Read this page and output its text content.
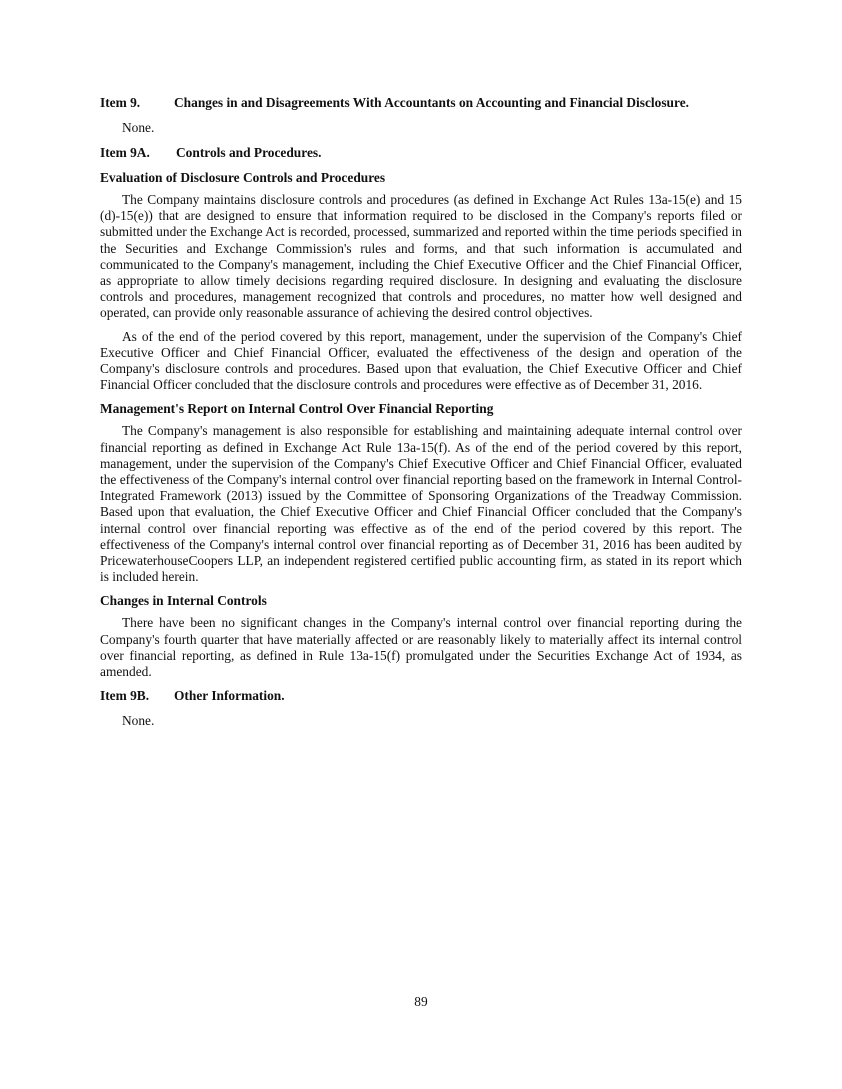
Item 9.	Changes in and Disagreements With Accountants on Accounting and Financial Disclosure.
None.
Item 9A. Controls and Procedures.
Evaluation of Disclosure Controls and Procedures

The Company maintains disclosure controls and procedures (as defined in Exchange Act Rules 13a-15(e) and 15 (d)-15(e)) that are designed to ensure that information required to be disclosed in the Company's reports filed or submitted under the Exchange Act is recorded, processed, summarized and reported within the time periods specified in the Securities and Exchange Commission's rules and forms, and that such information is accumulated and communicated to the Company's management, including the Chief Executive Officer and the Chief Financial Officer, as appropriate to allow timely decisions regarding required disclosure. In designing and evaluating the disclosure controls and procedures, management recognized that controls and procedures, no matter how well designed and operated, can provide only reasonable assurance of achieving the desired control objectives.

As of the end of the period covered by this report, management, under the supervision of the Company's Chief Executive Officer and Chief Financial Officer, evaluated the effectiveness of the design and operation of the Company's disclosure controls and procedures. Based upon that evaluation, the Chief Executive Officer and Chief Financial Officer concluded that the disclosure controls and procedures were effective as of December 31, 2016.

Management's Report on Internal Control Over Financial Reporting

The Company's management is also responsible for establishing and maintaining adequate internal control over financial reporting as defined in Exchange Act Rule 13a-15(f). As of the end of the period covered by this report, management, under the supervision of the Company's Chief Executive Officer and Chief Financial Officer, evaluated the effectiveness of the Company's internal control over financial reporting based on the framework in Internal Control-Integrated Framework (2013) issued by the Committee of Sponsoring Organizations of the Treadway Commission. Based upon that evaluation, the Chief Executive Officer and Chief Financial Officer concluded that the Company's internal control over financial reporting was effective as of the end of the period covered by this report. The effectiveness of the Company's internal control over financial reporting as of December 31, 2016 has been audited by PricewaterhouseCoopers LLP, an independent registered certified public accounting firm, as stated in its report which is included herein.

Changes in Internal Controls

There have been no significant changes in the Company's internal control over financial reporting during the Company's fourth quarter that have materially affected or are reasonably likely to materially affect its internal control over financial reporting, as defined in Rule 13a-15(f) promulgated under the Securities Exchange Act of 1934, as amended.

Item 9B. Other Information.
None.
89
